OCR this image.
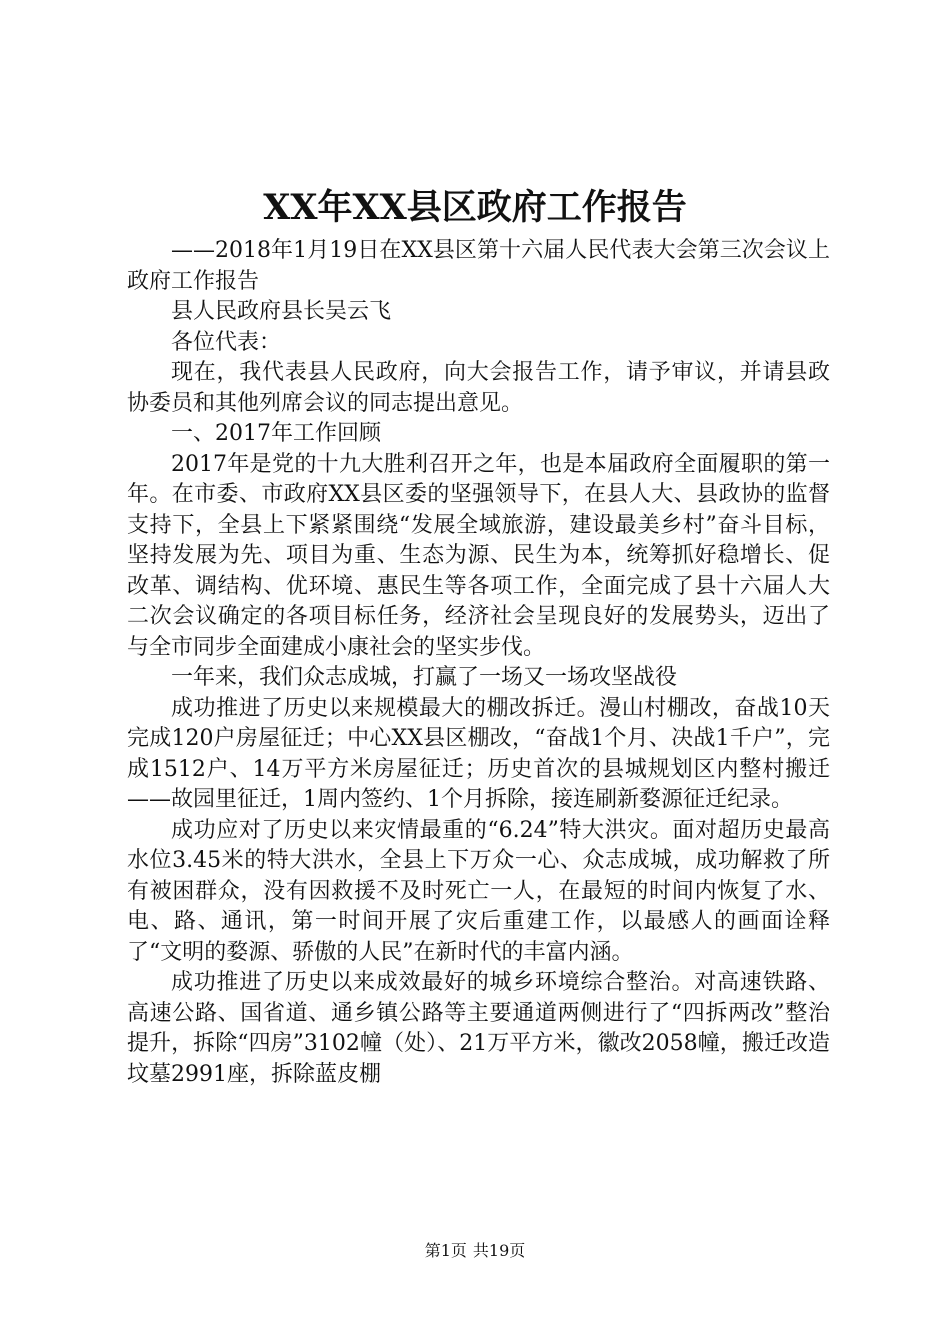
XX年XX县区政府工作报告

——2018年1月19日在XX县区第十六届人民代表大会第三次会议上政府工作报告

县人民政府县长吴云飞

各位代表：

现在，我代表县人民政府，向大会报告工作，请予审议，并请县政协委员和其他列席会议的同志提出意见。

一、2017年工作回顾

2017年是党的十九大胜利召开之年，也是本届政府全面履职的第一年。在市委、市政府XX县区委的坚强领导下，在县人大、县政协的监督支持下，全县上下紧紧围绕“发展全域旅游，建设最美乡村”奋斗目标，坚持发展为先、项目为重、生态为源、民生为本，统筹抓好稳增长、促改革、调结构、优环境、惠民生等各项工作，全面完成了县十六届人大二次会议确定的各项目标任务，经济社会呈现良好的发展势头，迈出了与全市同步全面建成小康社会的坚实步伐。

一年来，我们众志成城，打赢了一场又一场攻坚战役

成功推进了历史以来规模最大的棚改拆迁。漫山村棚改，奋战10天完成120户房屋征迁；中心XX县区棚改，“奋战1个月、决战1千户”，完成1512户、14万平方米房屋征迁；历史首次的县城规划区内整村搬迁——故园里征迁，1周内签约、1个月拆除，接连刷新婺源征迁纪录。

成功应对了历史以来灾情最重的“6.24”特大洪灾。面对超历史最高水位3.45米的特大洪水，全县上下万众一心、众志成城，成功解救了所有被困群众，没有因救援不及时死亡一人，在最短的时间内恢复了水、电、路、通讯，第一时间开展了灾后重建工作，以最感人的画面诠释了“文明的婺源、骄傲的人民”在新时代的丰富内涵。

成功推进了历史以来成效最好的城乡环境综合整治。对高速铁路、高速公路、国省道、通乡镇公路等主要通道两侧进行了“四拆两改”整治提升，拆除“四房”3102幢（处）、21万平方米，徽改2058幢，搬迁改造坟墓2991座，拆除蓝皮棚

第1页 共19页
